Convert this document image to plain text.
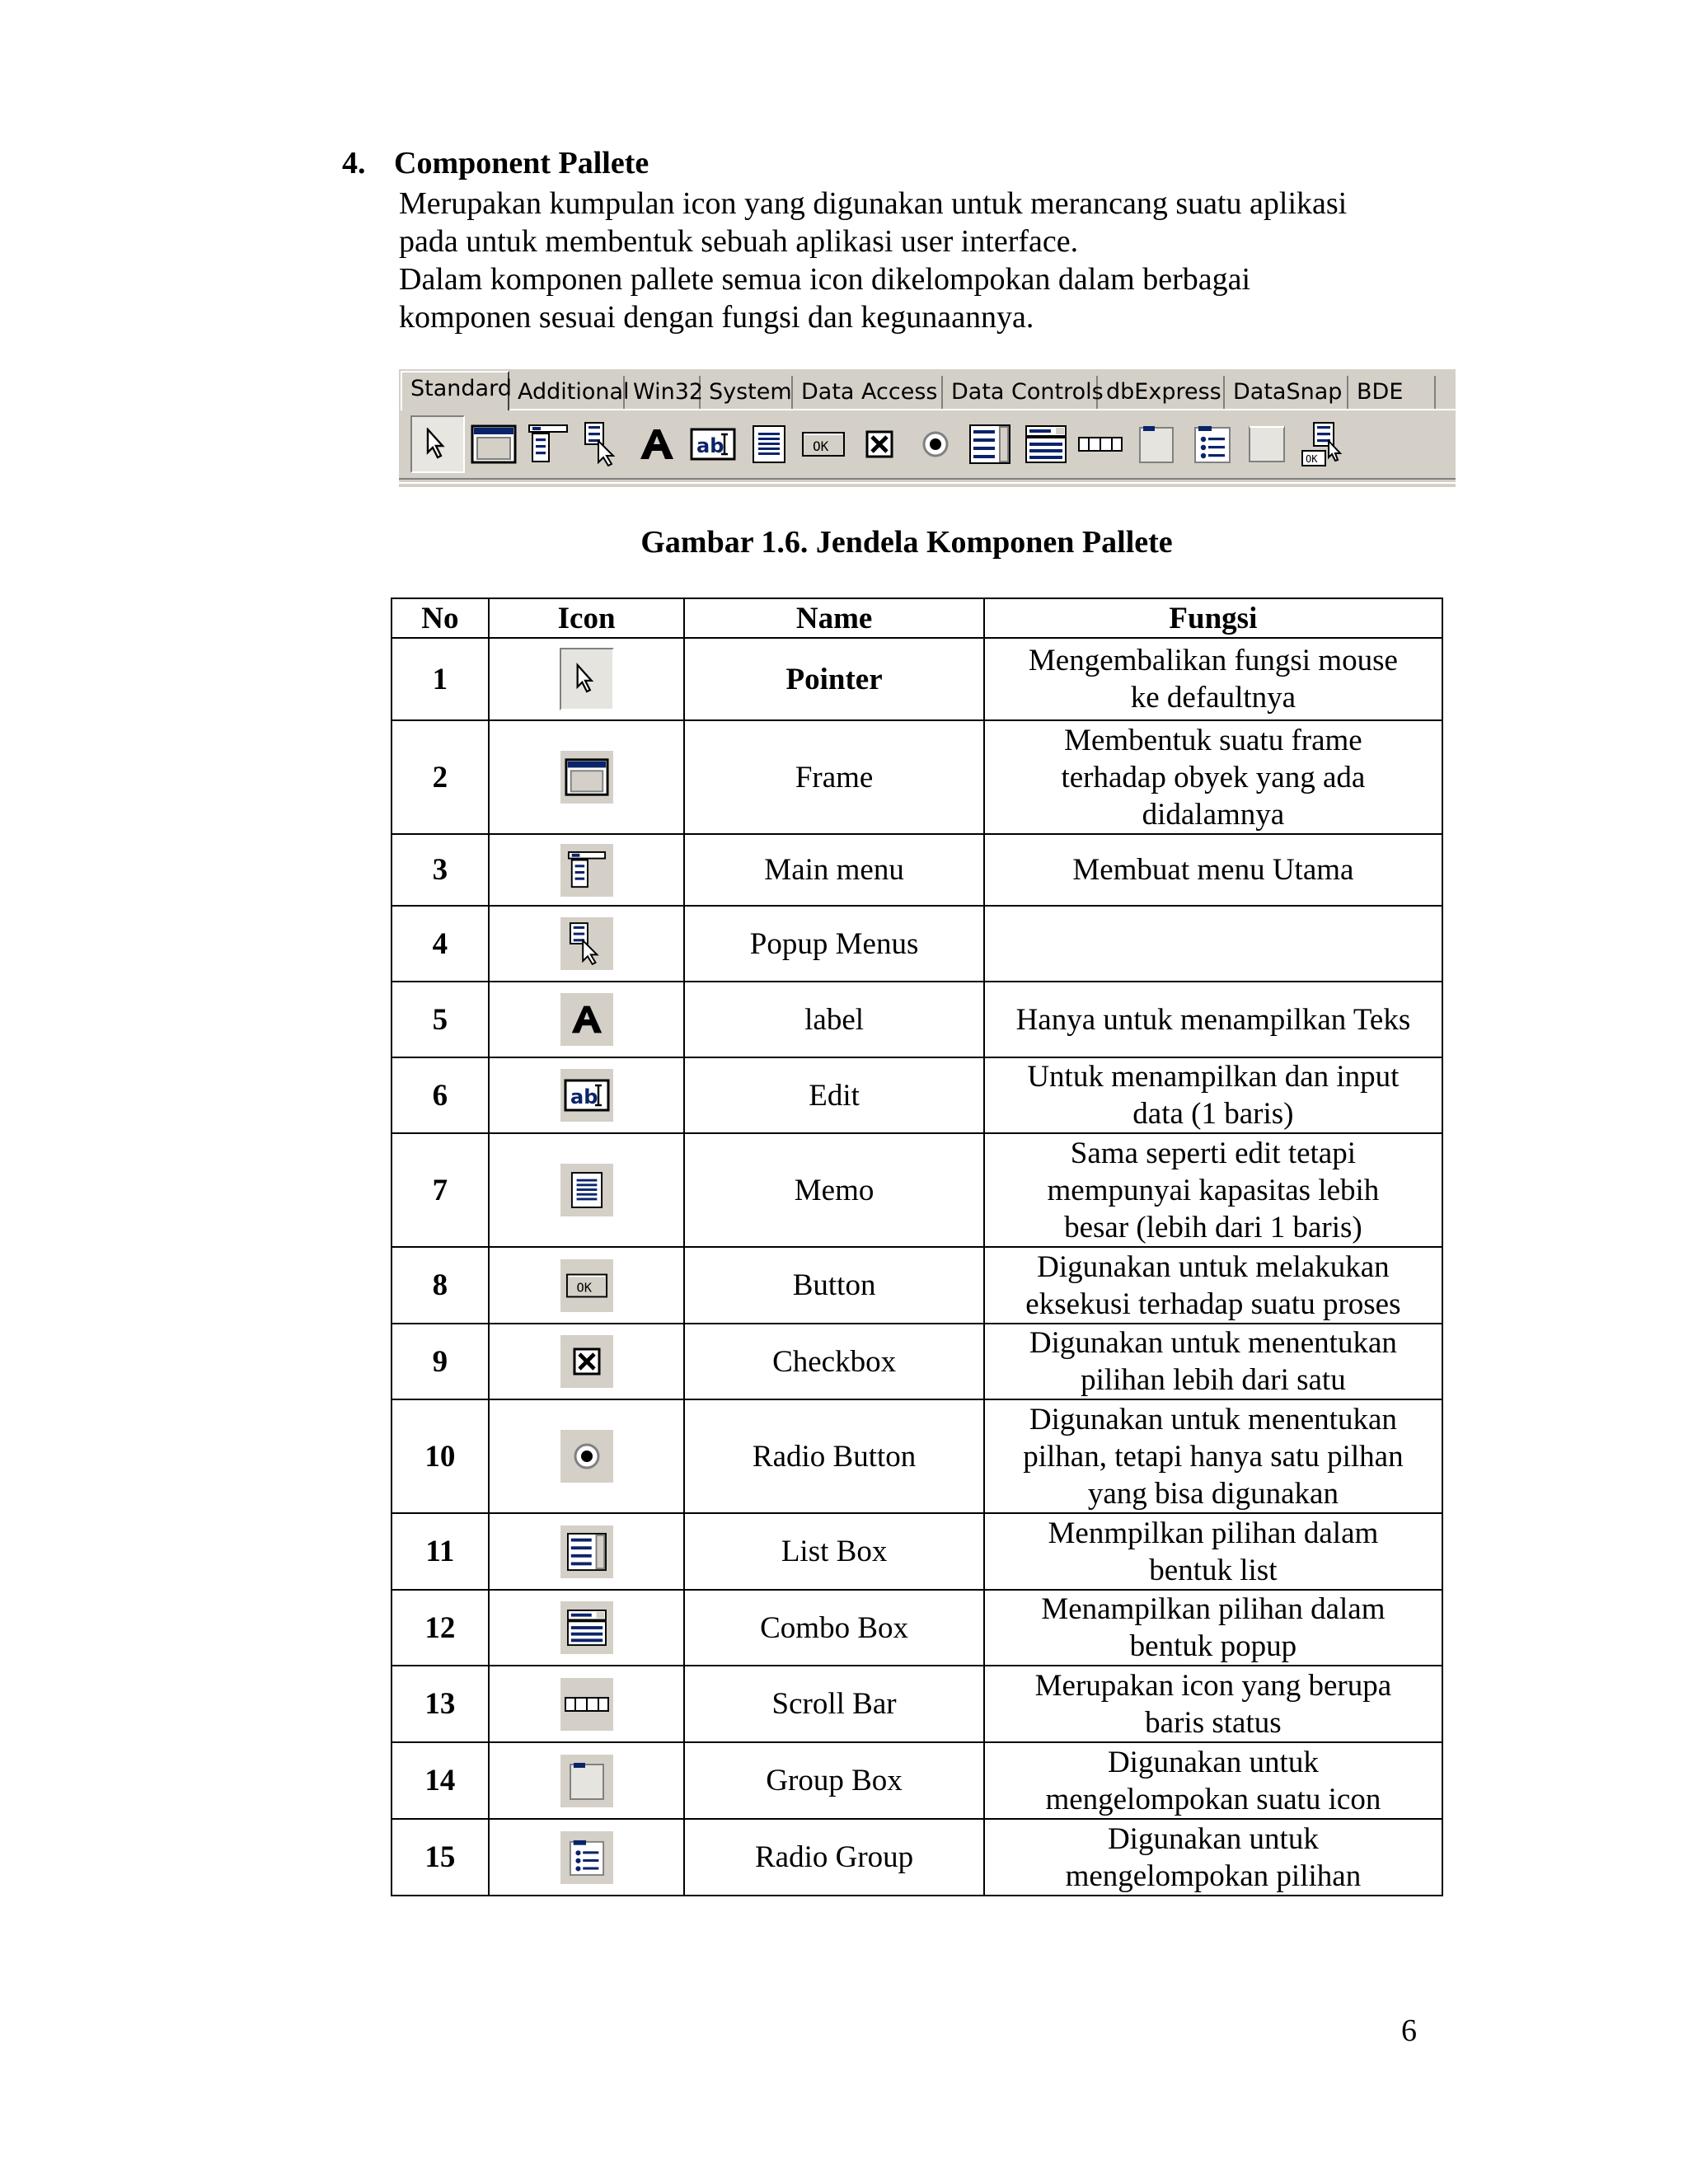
4. Component Pallete
Merupakan kumpulan icon yang digunakan untuk merancang suatu aplikasi
pada untuk membentuk sebuah aplikasi user interface.
Dalam komponen pallete semua icon dikelompokan dalam berbagai
komponen sesuai dengan fungsi dan kegunaannya.
Standard Additional Win32 System Data Access Data Controls dbExpress DataSnap BDE
ab	OK
OK
Gambar 1.6. Jendela Komponen Pallete
No	Icon	Name	Fungsi
1		Pointer	Mengembalikan fungsi mouse
ke defaultnya

2		Frame	Membentuk suatu frame
terhadap obyek yang ada
didalamnya

3		Main menu	Membuat menu Utama

4		Popup Menus	
5		label	Hanya untuk menampilkan Teks

6	ab	Edit	Untuk menampilkan dan input
data (1 baris)

7		Memo	Sama seperti edit tetapi
mempunyai kapasitas lebih
besar (lebih dari 1 baris)

8	OK	Button	Digunakan untuk melakukan
eksekusi terhadap suatu proses

9		Checkbox	Digunakan untuk menentukan
pilihan lebih dari satu

10		Radio Button	Digunakan untuk menentukan
pilhan, tetapi hanya satu pilhan
yang bisa digunakan

11		List Box	Menmpilkan pilihan dalam
bentuk list

12		Combo Box	Menampilkan pilihan dalam
bentuk popup

13		Scroll Bar	Merupakan icon yang berupa
baris status

14		Group Box	Digunakan untuk
mengelompokan suatu icon

15		Radio Group	Digunakan untuk
mengelompokan pilihan
6
